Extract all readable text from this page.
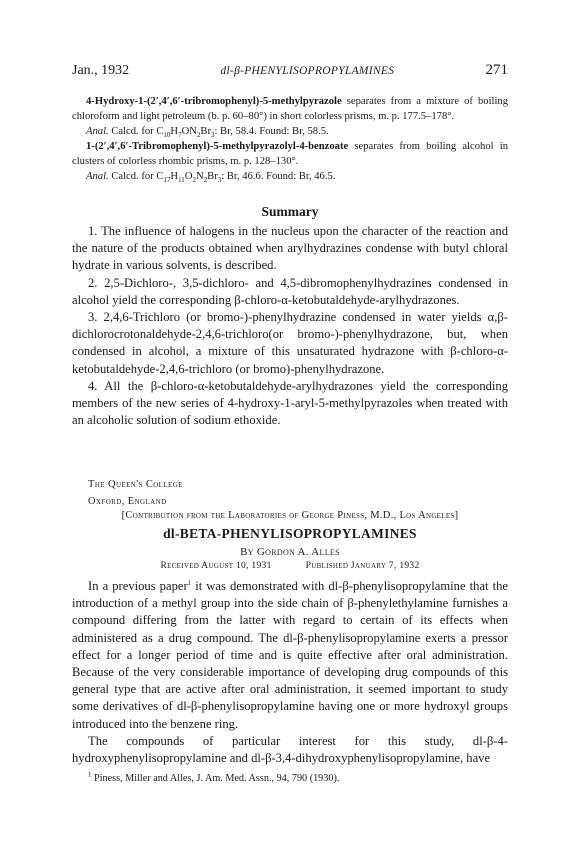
Jan., 1932	dl-β-PHENYLISOPROPYLAMINES	271

4-Hydroxy-1-(2′,4′,6′-tribromophenyl)-5-methylpyrazole separates from a mixture of boiling chloroform and light petroleum (b. p. 60–80°) in short colorless prisms, m. p. 177.5–178°.

Anal. Calcd. for $C_{10}H_7ON_2Br_3$: Br, 58.4. Found: Br, 58.5.

1-(2′,4′,6′-Tribromophenyl)-5-methylpyrazolyl-4-benzoate separates from boiling alcohol in clusters of colorless rhombic prisms, m. p. 128–130°.

Anal. Calcd. for $C_{17}H_{11}O_2N_2Br_3$: Br, 46.6. Found: Br, 46.5.

Summary

1. The influence of halogens in the nucleus upon the character of the reaction and the nature of the products obtained when arylhydrazines condense with butyl chloral hydrate in various solvents, is described.

2. 2,5-Dichloro-, 3,5-dichloro- and 4,5-dibromophenylhydrazines condensed in alcohol yield the corresponding β-chloro-α-ketobutaldehyde-arylhydrazones.

3. 2,4,6-Trichloro (or bromo-)-phenylhydrazine condensed in water yields α,β-dichlorocrotonaldehyde-2,4,6-trichloro(or bromo-)-phenylhydrazone, but, when condensed in alcohol, a mixture of this unsaturated hydrazone with β-chloro-α-ketobutaldehyde-2,4,6-trichloro (or bromo)-phenylhydrazone.

4. All the β-chloro-α-ketobutaldehyde-arylhydrazones yield the corresponding members of the new series of 4-hydroxy-1-aryl-5-methylpyrazoles when treated with an alcoholic solution of sodium ethoxide.

The Queen's College
Oxford, England
[Contribution from the Laboratories of George Piness, M.D., Los Angeles]
dl-BETA-PHENYLISOPROPYLAMINES
By Gordon A. Alles
Received August 10, 1931	Published January 7, 1932

In a previous paper$^1$ it was demonstrated with dl-β-phenylisopropylamine that the introduction of a methyl group into the side chain of β-phenylethylamine furnishes a compound differing from the latter with regard to certain of its effects when administered as a drug compound. The dl-β-phenylisopropylamine exerts a pressor effect for a longer period of time and is quite effective after oral administration. Because of the very considerable importance of developing drug compounds of this general type that are active after oral administration, it seemed important to study some derivatives of dl-β-phenylisopropylamine having one or more hydroxyl groups introduced into the benzene ring.

The compounds of particular interest for this study, dl-β-4-hydroxyphenylisopropylamine and dl-β-3,4-dihydroxyphenylisopropylamine, have

$^1$ Piness, Miller and Alles, J. Am. Med. Assn., 94, 790 (1930).
